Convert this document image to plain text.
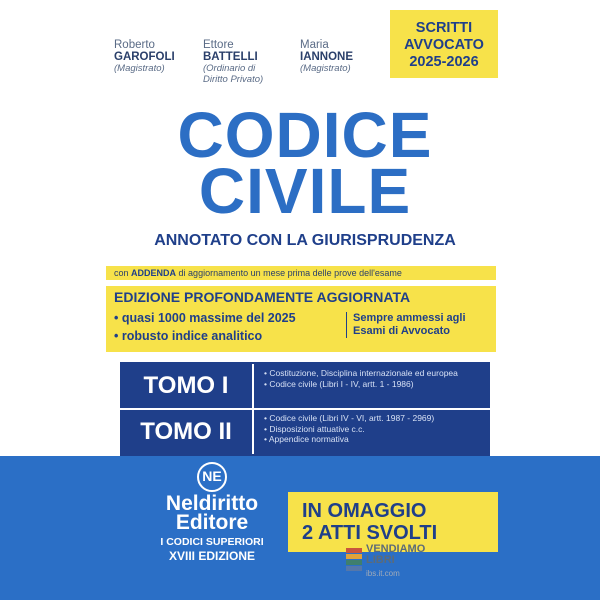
Roberto
GAROFOLI
(Magistrato)
Ettore
BATTELLI
(Ordinario di
Diritto Privato)
Maria
IANNONE
(Magistrato)
SCRITTI
AVVOCATO
2025-2026
CODICE
CIVILE
ANNOTATO CON LA GIURISPRUDENZA
con ADDENDA di aggiornamento un mese prima delle prove dell'esame
EDIZIONE PROFONDAMENTE AGGIORNATA
• quasi 1000 massime del 2025
• robusto indice analitico
Sempre ammessi agli
Esami di Avvocato
TOMO I	• Costituzione, Disciplina internazionale ed europea
• Codice civile (Libri I - IV, artt. 1 - 1986)
TOMO II	• Codice civile (Libri IV - VI, artt. 1987 - 2969)
• Disposizioni attuative c.c.
• Appendice normativa
NE
Neldiritto
Editore
I CODICI SUPERIORI
XVIII EDIZIONE
IN OMAGGIO
2 ATTI SVOLTI
VENDIAMO
LIBRI
ibs.it.com
